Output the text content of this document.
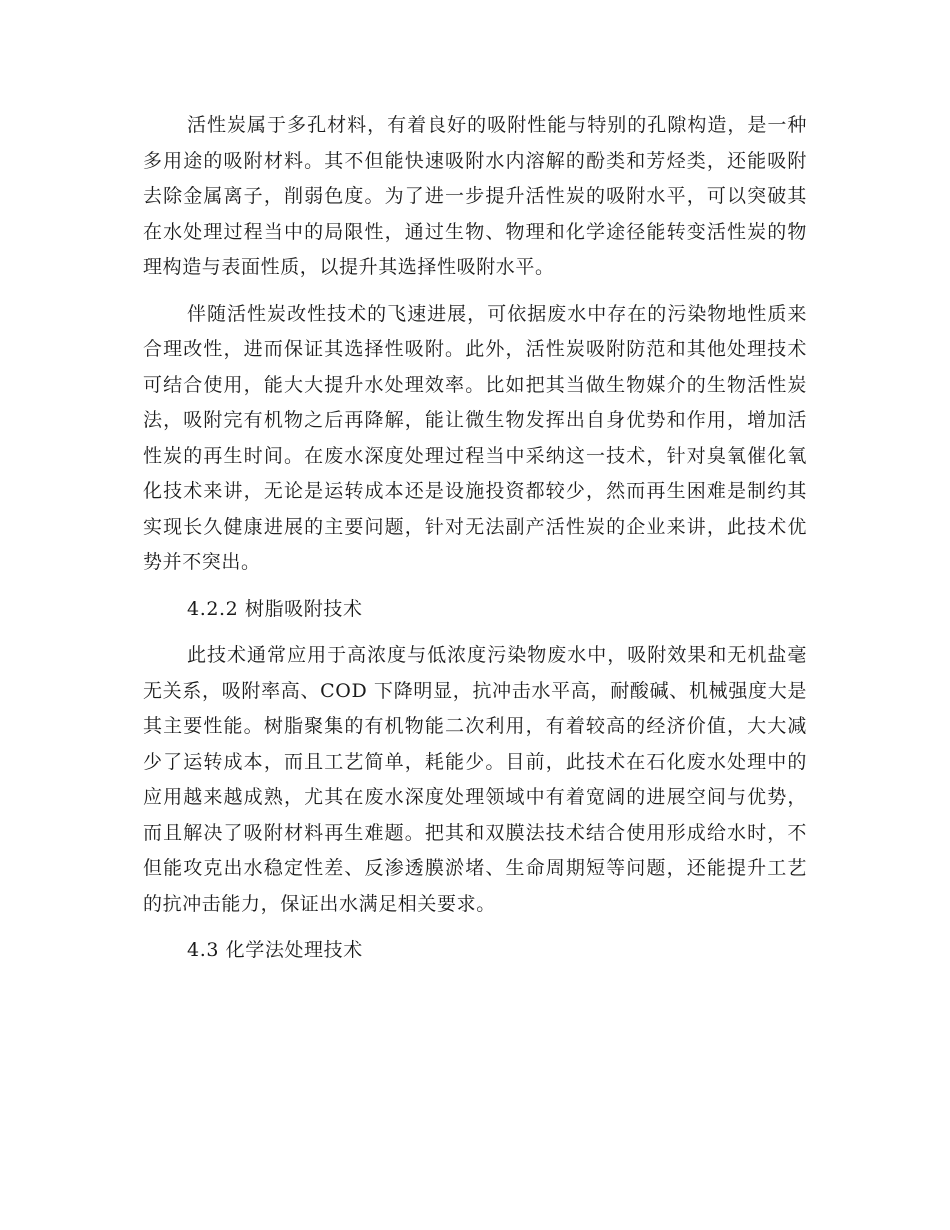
活性炭属于多孔材料，有着良好的吸附性能与特别的孔隙构造，是一种多用途的吸附材料。其不但能快速吸附水内溶解的酚类和芳烃类，还能吸附去除金属离子，削弱色度。为了进一步提升活性炭的吸附水平，可以突破其在水处理过程当中的局限性，通过生物、物理和化学途径能转变活性炭的物理构造与表面性质，以提升其选择性吸附水平。

伴随活性炭改性技术的飞速进展，可依据废水中存在的污染物地性质来合理改性，进而保证其选择性吸附。此外，活性炭吸附防范和其他处理技术可结合使用，能大大提升水处理效率。比如把其当做生物媒介的生物活性炭法，吸附完有机物之后再降解，能让微生物发挥出自身优势和作用，增加活性炭的再生时间。在废水深度处理过程当中采纳这一技术，针对臭氧催化氧化技术来讲，无论是运转成本还是设施投资都较少，然而再生困难是制约其实现长久健康进展的主要问题，针对无法副产活性炭的企业来讲，此技术优势并不突出。

4.2.2 树脂吸附技术

此技术通常应用于高浓度与低浓度污染物废水中，吸附效果和无机盐毫无关系，吸附率高、COD 下降明显，抗冲击水平高，耐酸碱、机械强度大是其主要性能。树脂聚集的有机物能二次利用，有着较高的经济价值，大大减少了运转成本，而且工艺简单，耗能少。目前，此技术在石化废水处理中的应用越来越成熟，尤其在废水深度处理领域中有着宽阔的进展空间与优势，而且解决了吸附材料再生难题。把其和双膜法技术结合使用形成给水时，不但能攻克出水稳定性差、反渗透膜淤堵、生命周期短等问题，还能提升工艺的抗冲击能力，保证出水满足相关要求。

4.3 化学法处理技术
